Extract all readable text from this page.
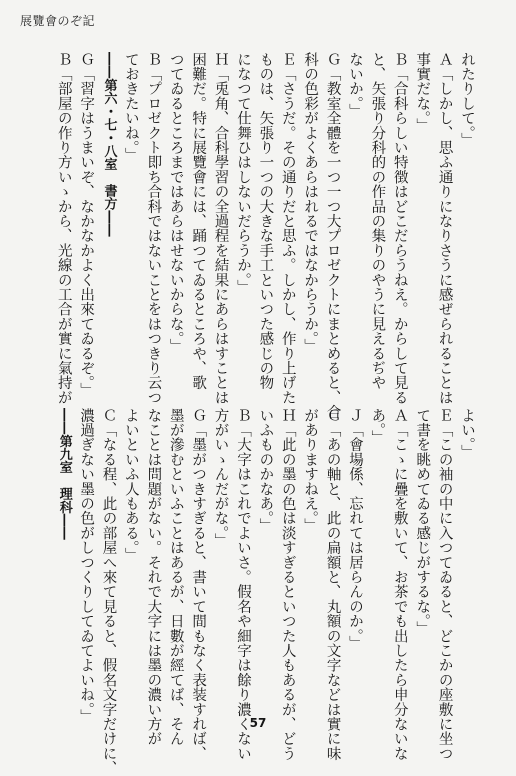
展覽會のぞ記
れたりして。」
Ａ「しかし、思ふ通りになりさうに感ぜられることは
事實だな。」
Ｂ「合科らしい特徴はどこだらうねえ。からして見る
と、矢張り分科的の作品の集りのやうに見えるぢや
ないか。」
Ｇ「教室全體を一つ一つ大プロゼクトにまとめると、合
科の色彩がよくあらはれるではなからうか。」
Ｅ「さうだ。その通りだと思ふ。しかし、作り上げた
ものは、矢張り一つの大きな手工といつた感じの物
になつて仕舞ひはしないだらうか。」
Ｈ「兎角、合科學習の全過程を結果にあらはすことは
困難だ。特に展覽會には、踊つてゐるところや、歌
つてゐるところまではあらはせないからな。」
Ｂ「プロゼクト即ち合科ではないことをはつきり云つ
ておきたいね。」
――第六・七・八室　書方――
Ｇ「習字はうまいぞ、なかなかよく出來てゐるぞ。」
Ｂ「部屋の作り方いゝから、光線の工合が實に氣持が
よい。」
Ｅ「この袖の中に入つてゐると、どこかの座敷に坐つ
て書を眺めてゐる感じがするな。」
Ａ「こゝに疊を敷いて、お茶でも出したら申分ないな
あ。」
Ｊ「會場係、忘れては居らんのか。」
Ｃ「あの軸と、此の扁額と、丸額の文字などは實に味
がありますねえ。」
Ｈ「此の墨の色は淡すぎるといつた人もあるが、どう
いふものかなあ。」
Ｂ「大字はこれでよいさ。假名や細字は餘り濃くない
方がいゝんだがな。」
Ｇ「墨がつきすぎると、書いて間もなく表装すれば、
墨が滲むといふことはあるが、日數が經てば、そん
なことは問題がない。それで大字には墨の濃い方が
よいといふ人もある。」
Ｃ「なる程、此の部屋へ來て見ると、假名文字だけに、
濃過ぎない墨の色がしつくりしてゐてよいね。」
――第九室　理科――
57
